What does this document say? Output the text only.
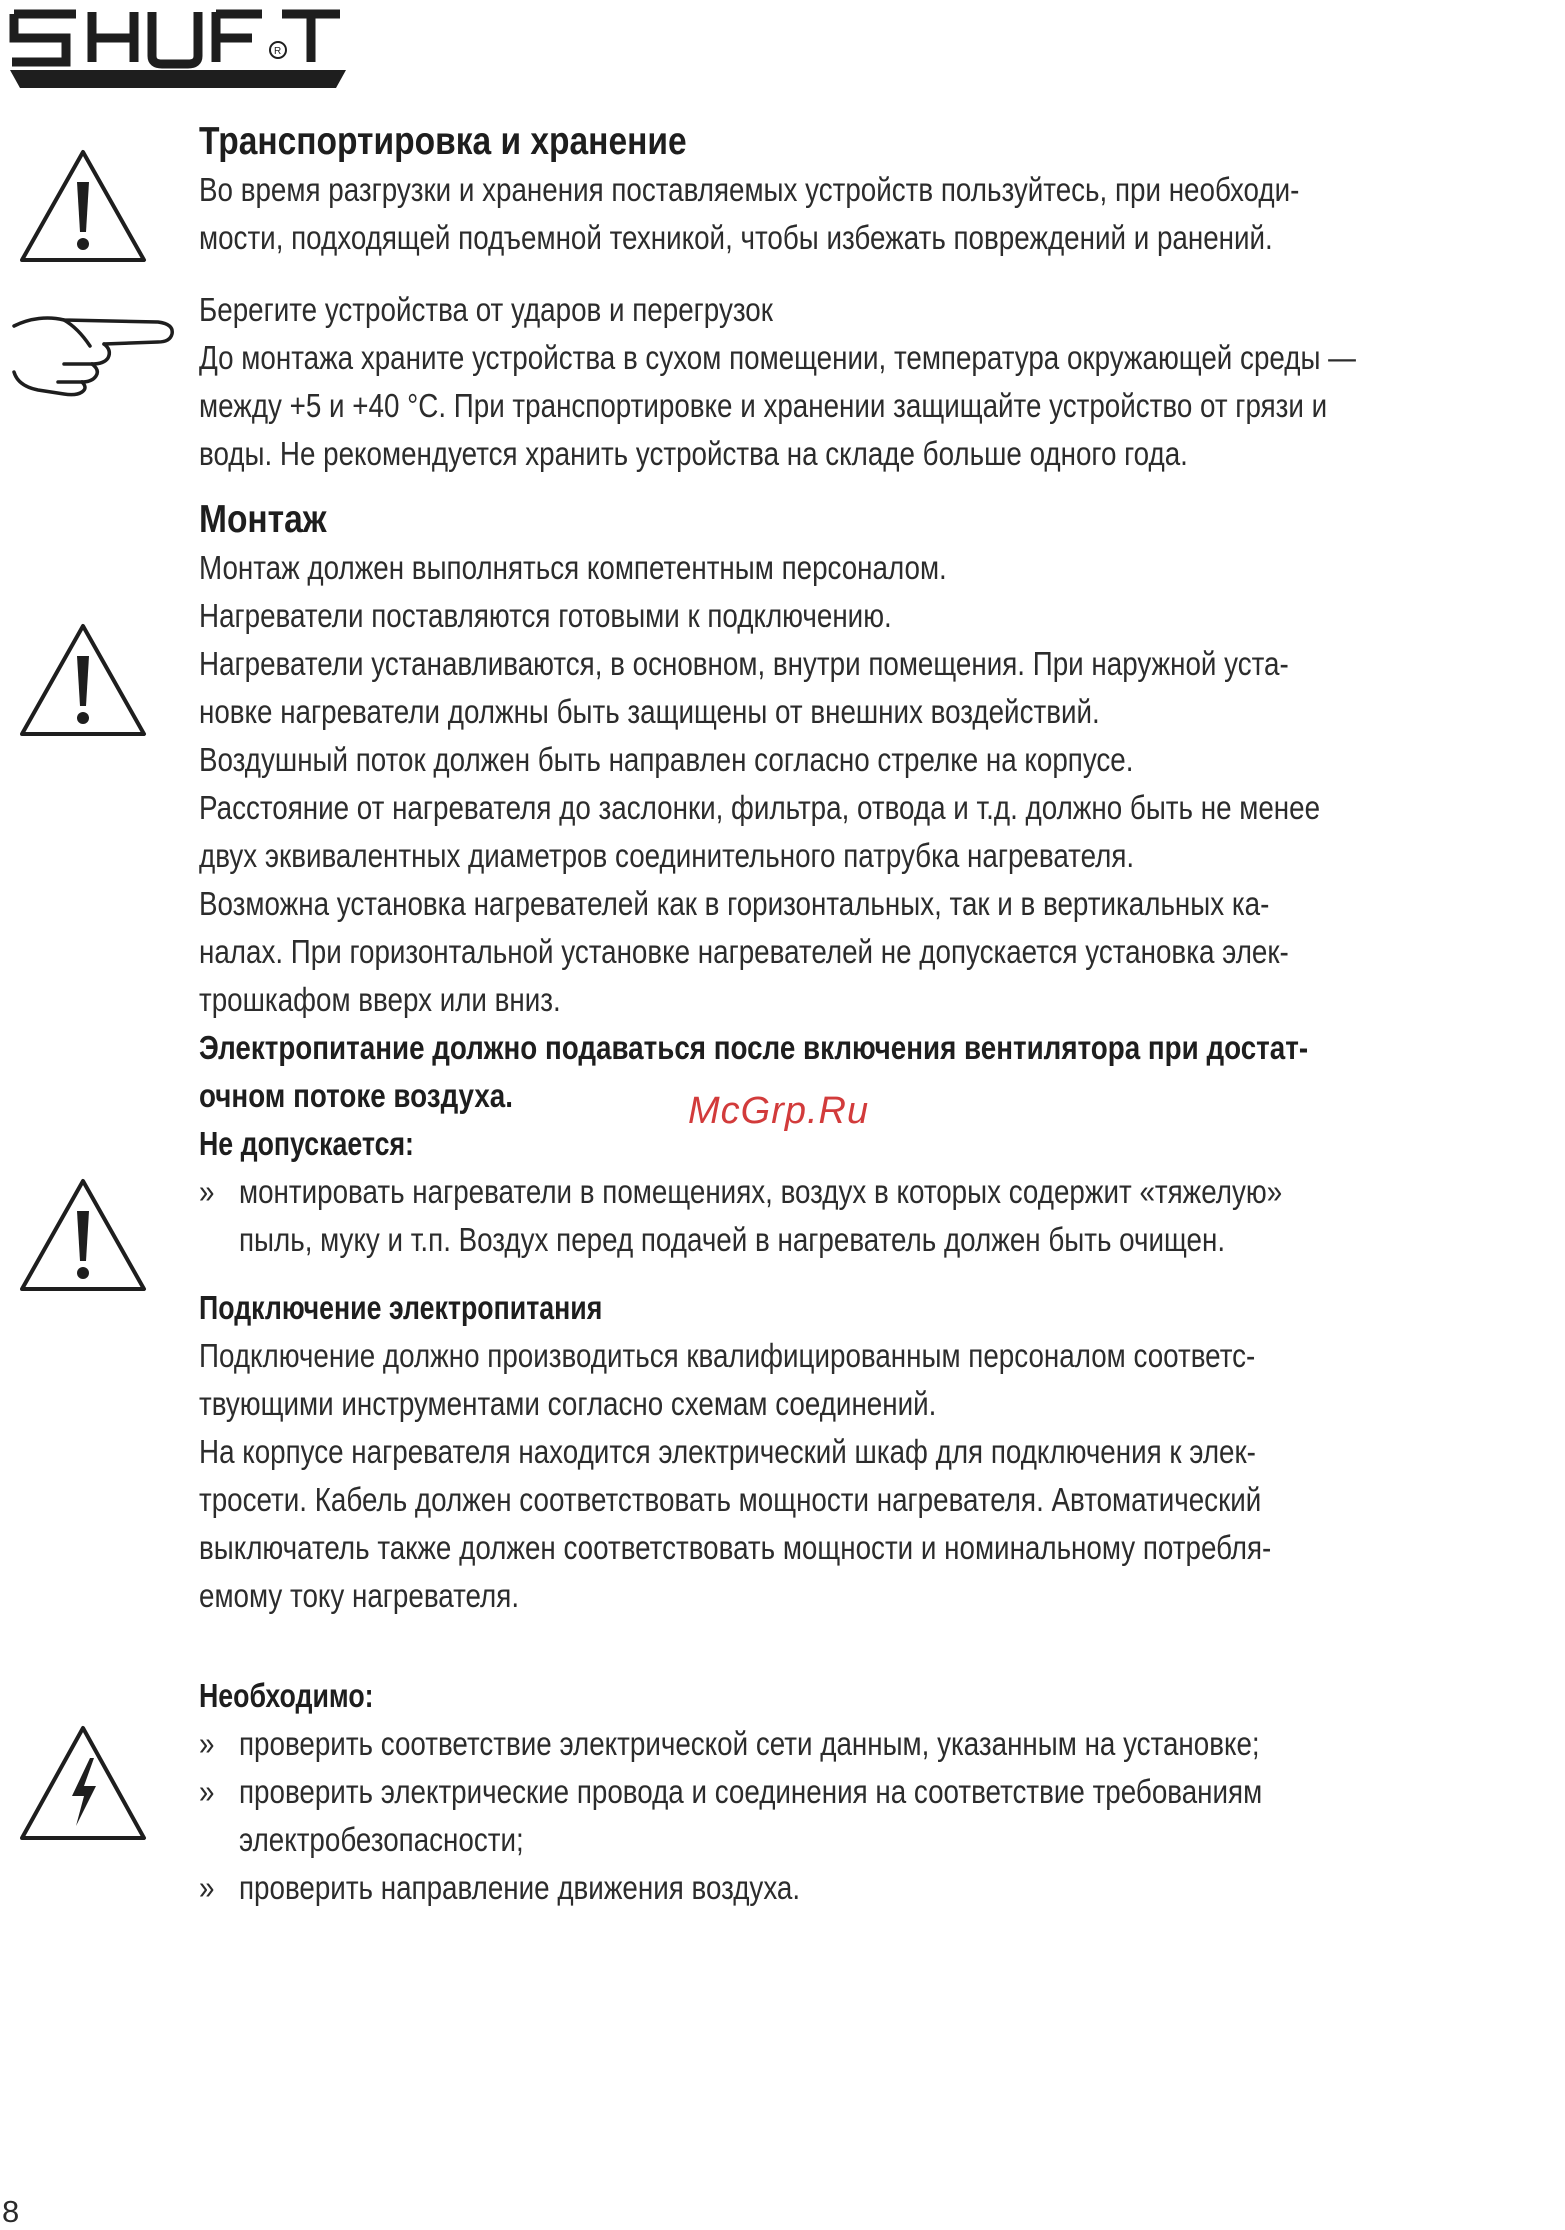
R
Транспортировка и хранение
Во время разгрузки и хранения поставляемых устройств пользуйтесь, при необходи-
мости, подходящей подъемной техникой, чтобы избежать повреждений и ранений.
Берегите устройства от ударов и перегрузок
До монтажа храните устройства в сухом помещении, температура окружающей среды —
между +5 и +40 °C. При транспортировке и хранении защищайте устройство от грязи и
воды. Не рекомендуется хранить устройства на складе больше одного года.
Монтаж
Монтаж должен выполняться компетентным персоналом.
Нагреватели поставляются готовыми к подключению.
Нагреватели устанавливаются, в основном, внутри помещения. При наружной уста-
новке нагреватели должны быть защищены от внешних воздействий.
Воздушный поток должен быть направлен согласно стрелке на корпусе.
Расстояние от нагревателя до заслонки, фильтра, отвода и т.д. должно быть не менее
двух эквивалентных диаметров соединительного патрубка нагревателя.
Возможна установка нагревателей как в горизонтальных, так и в вертикальных ка-
налах. При горизонтальной установке нагревателей не допускается установка элек-
трошкафом вверх или вниз.
Электропитание должно подаваться после включения вентилятора при достат-
очном потоке воздуха.
Не допускается:
» монтировать нагреватели в помещениях, воздух в которых содержит «тяжелую»
пыль, муку и т.п. Воздух перед подачей в нагреватель должен быть очищен.
Подключение электропитания
Подключение должно производиться квалифицированным персоналом соответс-
твующими инструментами согласно схемам соединений.
На корпусе нагревателя находится электрический шкаф для подключения к элек-
тросети. Кабель должен соответствовать мощности нагревателя. Автоматический
выключатель также должен соответствовать мощности и номинальному потребля-
емому току нагревателя.
Необходимо:
» проверить соответствие электрической сети данным, указанным на установке;
» проверить электрические провода и соединения на соответствие требованиям
электробезопасности;
» проверить направление движения воздуха.
McGrp.Ru
8
